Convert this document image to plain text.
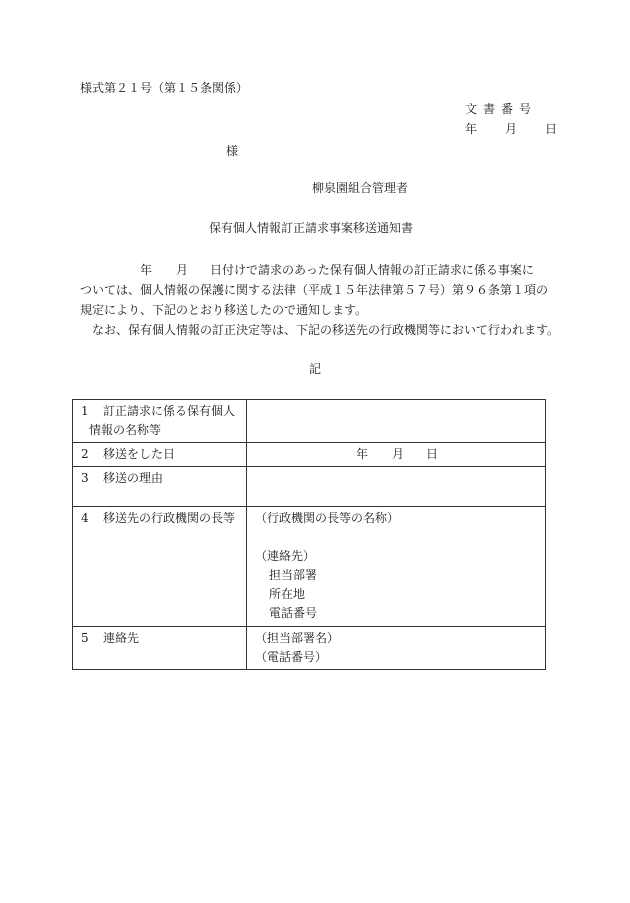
様式第２１号（第１５条関係）
文書番号
年 月 日
様
柳泉園組合管理者
保有個人情報訂正請求事案移送通知書
年 月 日付けで請求のあった保有個人情報の訂正請求に係る事案に
ついては、個人情報の保護に関する法律（平成１５年法律第５７号）第９６条第１項の
規定により、下記のとおり移送したので通知します。
なお、保有個人情報の訂正決定等は、下記の移送先の行政機関等において行われます。
記
1 訂正請求に係る保有個人
情報の名称等	
2 移送をした日	年 月 日
3 移送の理由	
4 移送先の行政機関の長等	（行政機関の長等の名称）
（連絡先）
担当部署
所在地
電話番号

5 連絡先	（担当部署名）
（電話番号）
